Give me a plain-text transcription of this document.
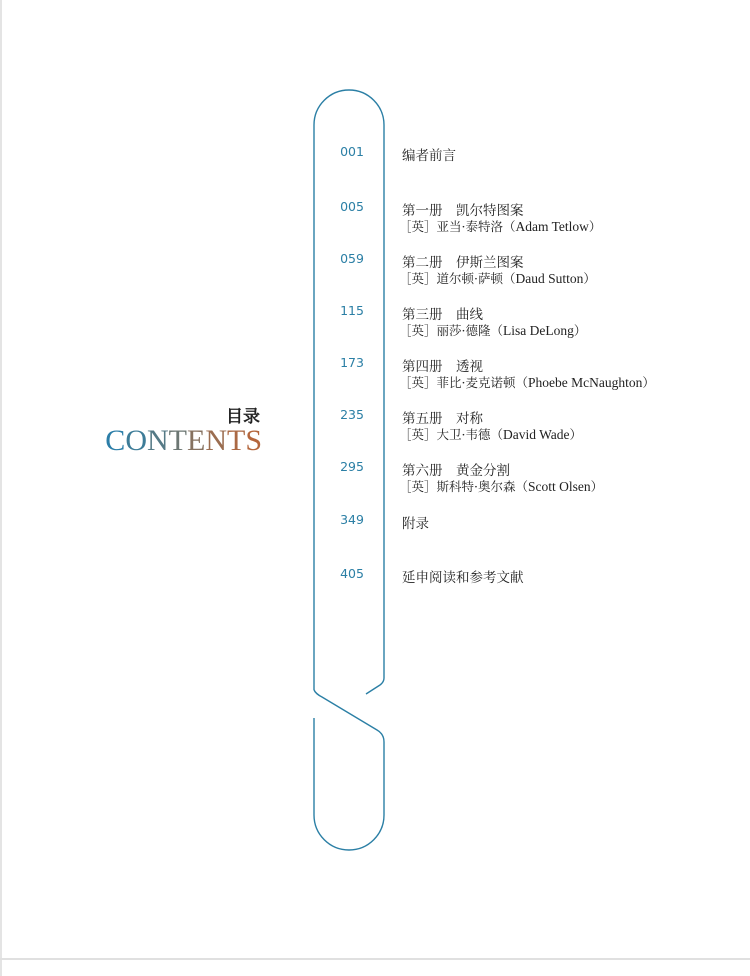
目录
CONTENTS
001	编者前言
005	第一册　凯尔特图案
［英］亚当·泰特洛（Adam Tetlow）
059	第二册　伊斯兰图案
［英］道尔顿·萨顿（Daud Sutton）
115	第三册　曲线
［英］丽莎·德隆（Lisa DeLong）
173	第四册　透视
［英］菲比·麦克诺顿（Phoebe McNaughton）
235	第五册　对称
［英］大卫·韦德（David Wade）
295	第六册　黄金分割
［英］斯科特·奥尔森（Scott Olsen）
349	附录
405	延申阅读和参考文献
